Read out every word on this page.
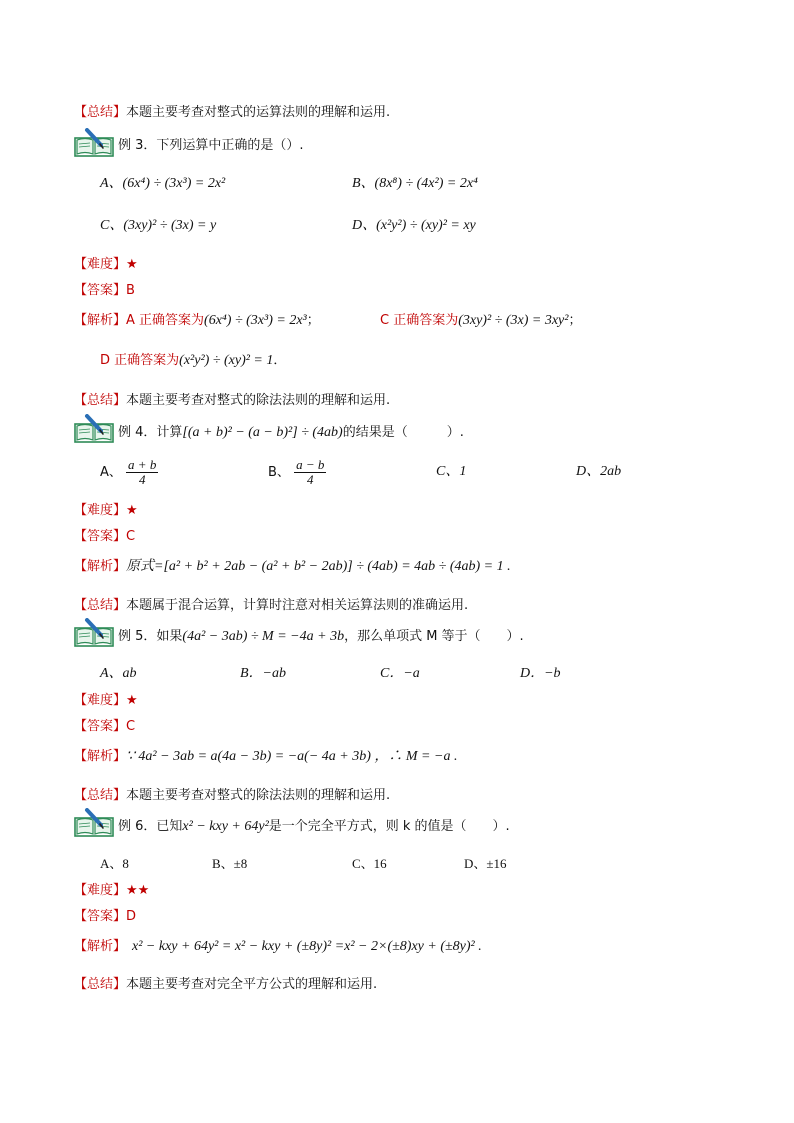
【总结】本题主要考查对整式的运算法则的理解和运用.
例 3．下列运算中正确的是（）.
A、(6x⁴) ÷ (3x³) = 2x²	B、(8x⁸) ÷ (4x²) = 2x⁴
C、(3xy)² ÷ (3x) = y	D、(x²y²) ÷ (xy)² = xy
【难度】★
【答案】B
【解析】A 正确答案为(6x⁴) ÷ (3x³) = 2x³；	C 正确答案为(3xy)² ÷ (3x) = 3xy²；
D 正确答案为(x²y²) ÷ (xy)² = 1．
【总结】本题主要考查对整式的除法法则的理解和运用.
例 4．计算[(a + b)² − (a − b)²] ÷ (4ab)的结果是（　　　）.
A、 $\frac{a + b}{4}$	B、 $\frac{a - b}{4}$	C、1	D、2ab
【难度】★
【答案】C
【解析】原式=[a² + b² + 2ab − (a² + b² − 2ab)] ÷ (4ab) = 4ab ÷ (4ab) = 1 .
【总结】本题属于混合运算，计算时注意对相关运算法则的准确运用.
例 5．如果(4a² − 3ab) ÷ M = −4a + 3b，那么单项式 M 等于（　　）.
A、ab	B．−ab	C．−a	D．−b
【难度】★
【答案】C
【解析】∵ 4a² − 3ab = a(4a − 3b) = −a(− 4a + 3b) ，∴ M = −a .
【总结】本题主要考查对整式的除法法则的理解和运用.
例 6．已知x² − kxy + 64y²是一个完全平方式，则 k 的值是（　　）.
A、8	B、±8	C、16	D、±16
【难度】★★
【答案】D
【解析】 x² − kxy + 64y² = x² − kxy + (±8y)² =x² − 2×(±8)xy + (±8y)² .
【总结】本题主要考查对完全平方公式的理解和运用.
